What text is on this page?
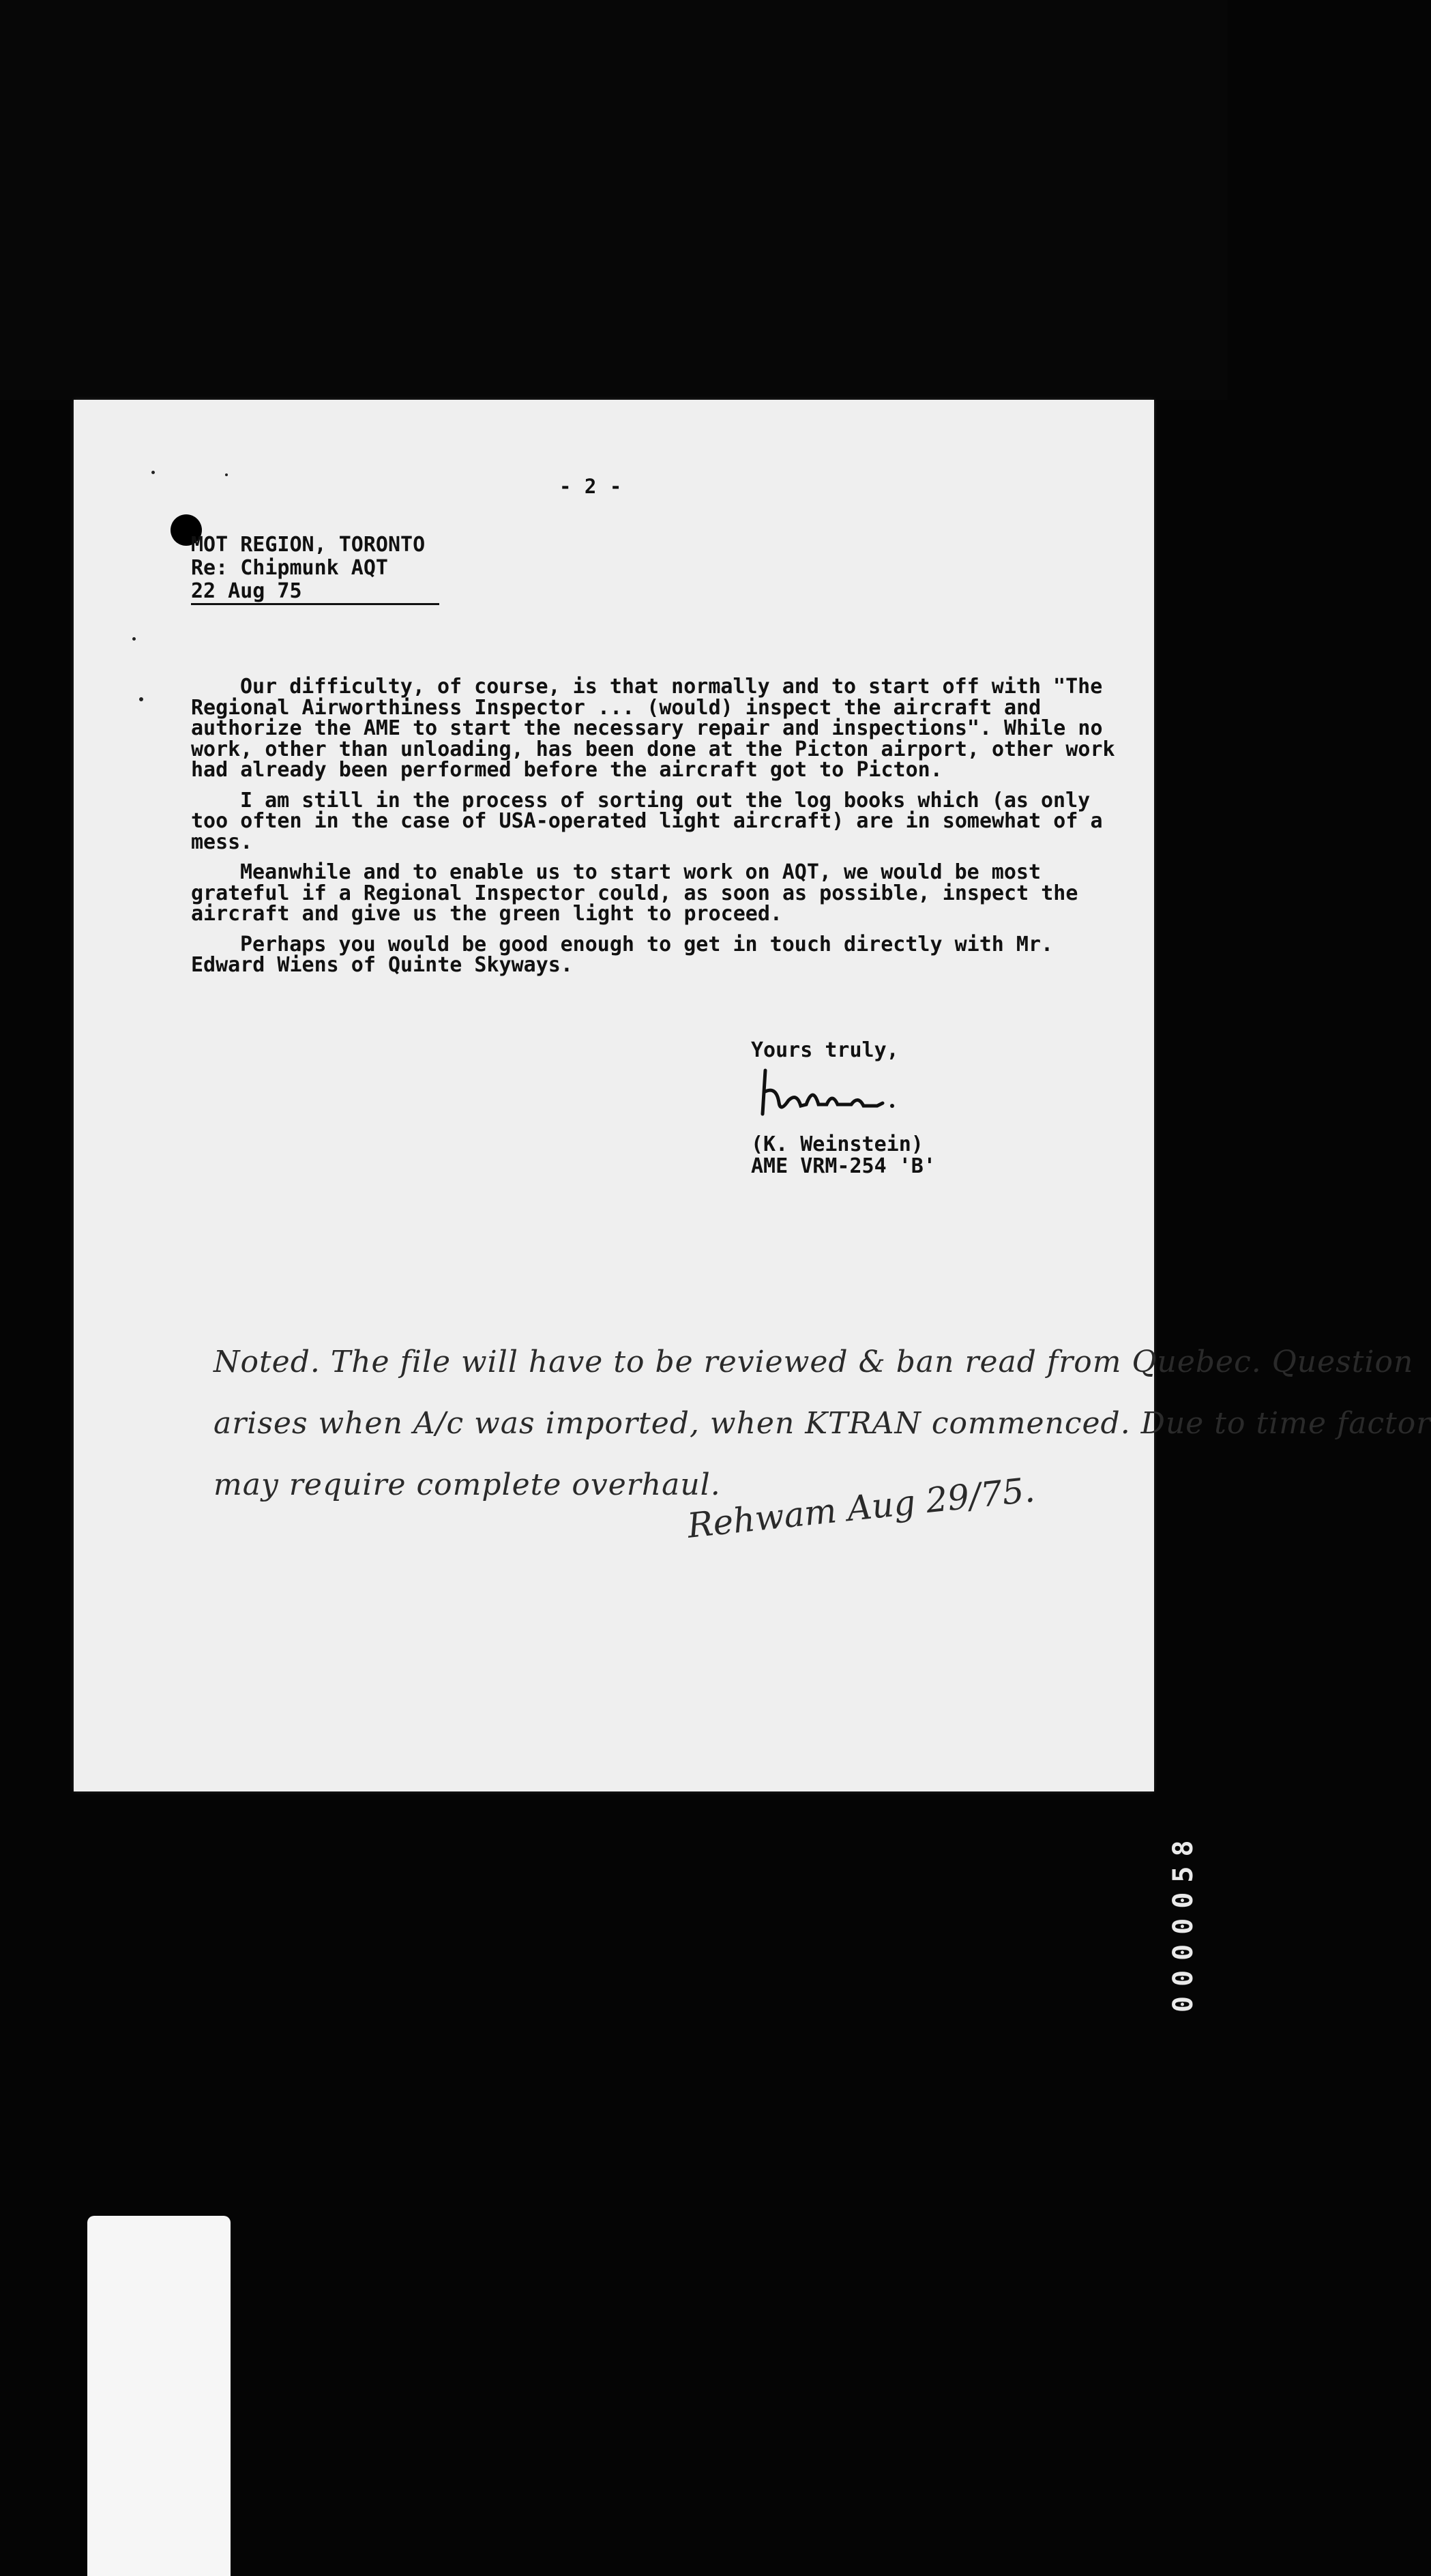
- 2 -
MOT REGION, TORONTO
Re: Chipmunk AQT
22 Aug 75

Our difficulty, of course, is that normally and to start off with "The Regional Airworthiness Inspector ... (would) inspect the aircraft and authorize the AME to start the necessary repair and inspections". While no work, other than unloading, has been done at the Picton airport, other work had already been performed before the aircraft got to Picton.

I am still in the process of sorting out the log books which (as only too often in the case of USA-operated light aircraft) are in somewhat of a mess.

Meanwhile and to enable us to start work on AQT, we would be most grateful if a Regional Inspector could, as soon as possible, inspect the aircraft and give us the green light to proceed.

Perhaps you would be good enough to get in touch directly with Mr. Edward Wiens of Quinte Skyways.

Yours truly,
(K. Weinstein)
AME VRM-254 'B'
Noted. The file will have to be reviewed & ban read from Quebec. Question
arises when A/c was imported, when KTRAN commenced. Due to time factor
may require complete overhaul.
Rehwam Aug 29/75.
0000058
